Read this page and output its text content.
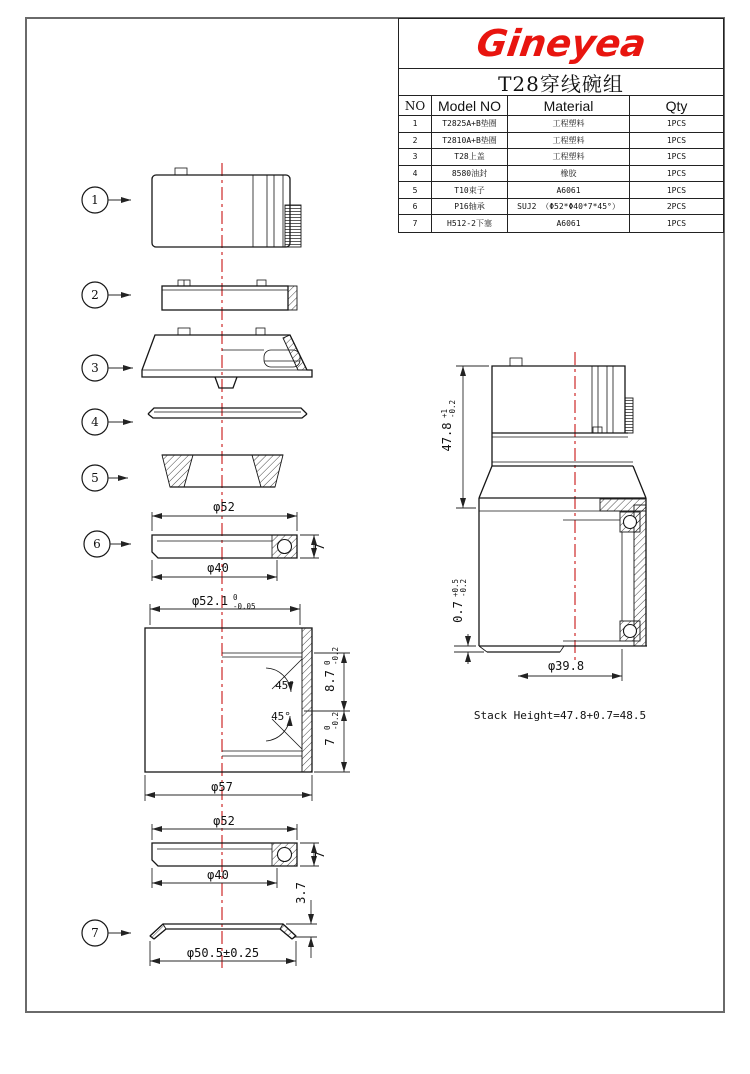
1
2
3
4
5
6
7
φ52
7
φ40
45°
45°
φ52.1 0
-0.05
8.7
0 -0.2
7
0 -0.2
φ57
φ52
7
φ40
3.7
φ50.5±0.25
47.8
+1 -0.2
0.7
+0.5 -0.2
φ39.8
Stack Height=47.8+0.7=48.5
Gineyea
T28穿线碗组
NO Model NO	Material	Qty
1	T2825A+B垫圈	工程塑料	1PCS
2	T2810A+B垫圈	工程塑料	1PCS
3	T28上盖	工程塑料	1PCS
4	8580油封	橡胶	1PCS
5	T10束子	A6061	1PCS
6	P16轴承	SUJ2 （Φ52*Φ40*7*45°）	2PCS
7	H512-2下塞	A6061	1PCS
